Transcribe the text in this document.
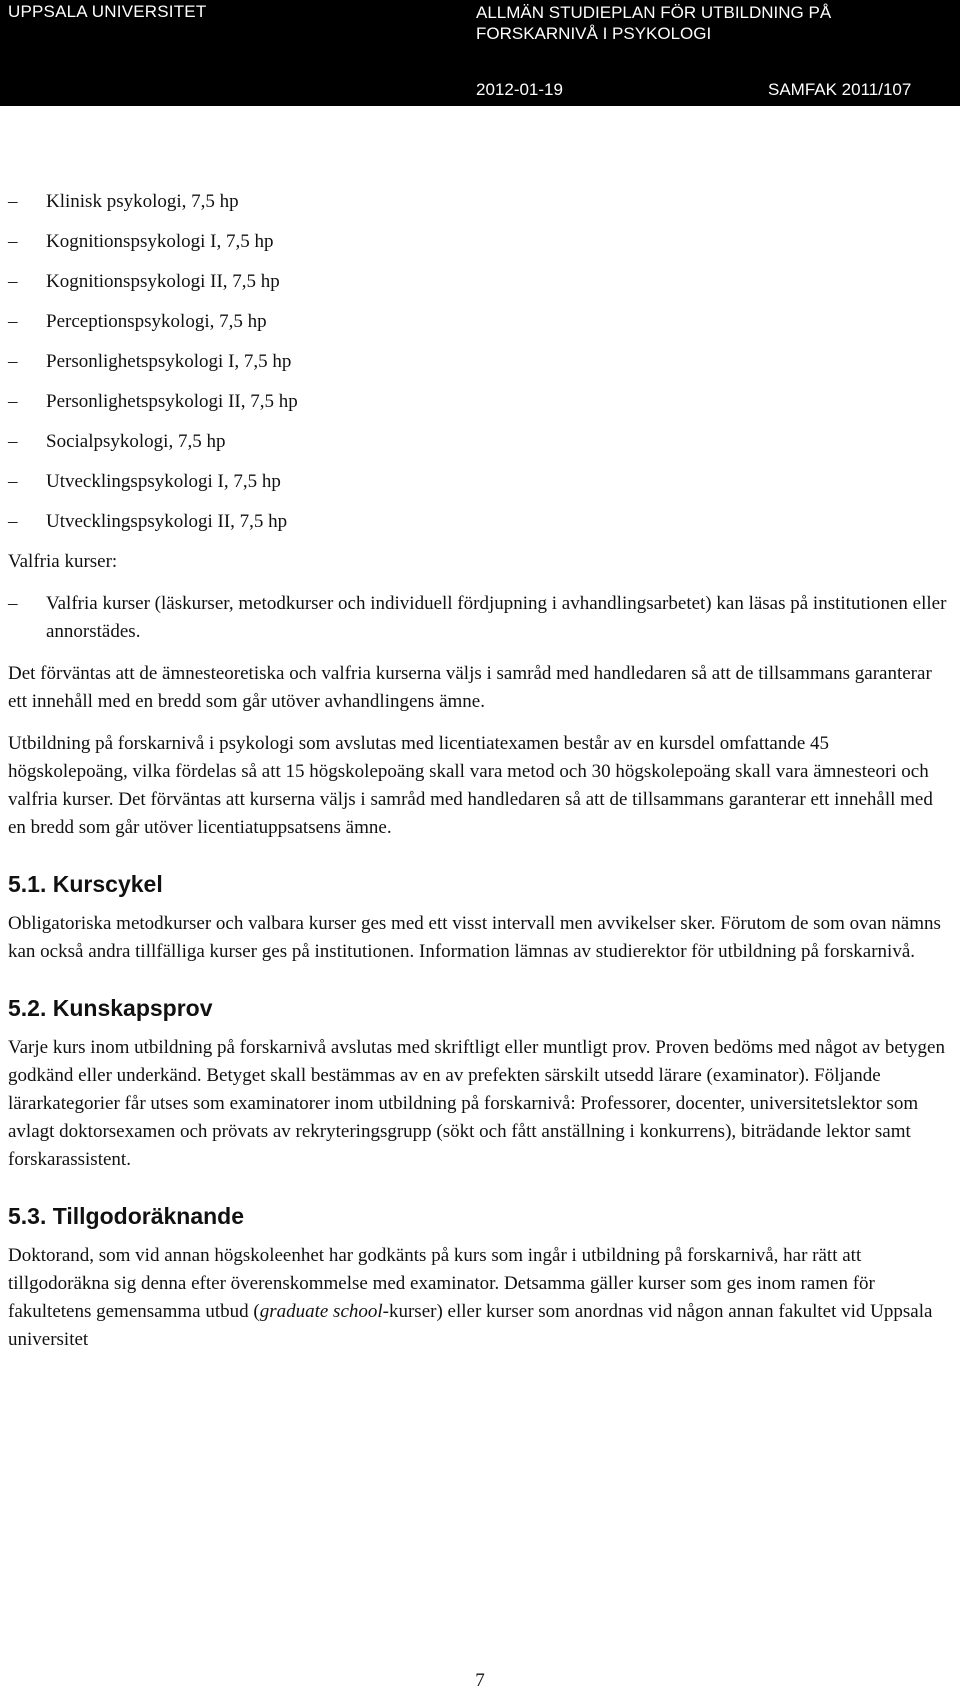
UPPSALA UNIVERSITET	ALLMÄN STUDIEPLAN FÖR UTBILDNING PÅ
FORSKARNIVÅ I PSYKOLOGI
2012-01-19	SAMFAK 2011/107
– Klinisk psykologi, 7,5 hp
– Kognitionspsykologi I, 7,5 hp
– Kognitionspsykologi II, 7,5 hp
– Perceptionspsykologi, 7,5 hp
– Personlighetspsykologi I, 7,5 hp
– Personlighetspsykologi II, 7,5 hp
– Socialpsykologi, 7,5 hp
– Utvecklingspsykologi I, 7,5 hp
– Utvecklingspsykologi II, 7,5 hp
Valfria kurser:
– Valfria kurser (läskurser, metodkurser och individuell fördjupning i avhandlingsarbetet) kan läsas på institutionen eller annorstädes.

Det förväntas att de ämnesteoretiska och valfria kurserna väljs i samråd med handledaren så att de tillsammans garanterar ett innehåll med en bredd som går utöver avhandlingens ämne.

Utbildning på forskarnivå i psykologi som avslutas med licentiatexamen består av en kursdel omfattande 45 högskolepoäng, vilka fördelas så att 15 högskolepoäng skall vara metod och 30 högskolepoäng skall vara ämnesteori och valfria kurser. Det förväntas att kurserna väljs i samråd med handledaren så att de tillsammans garanterar ett innehåll med en bredd som går utöver licentiatuppsatsens ämne.

5.1. Kurscykel

Obligatoriska metodkurser och valbara kurser ges med ett visst intervall men avvikelser sker. Förutom de som ovan nämns kan också andra tillfälliga kurser ges på institutionen. Information lämnas av studierektor för utbildning på forskarnivå.

5.2. Kunskapsprov

Varje kurs inom utbildning på forskarnivå avslutas med skriftligt eller muntligt prov. Proven bedöms med något av betygen godkänd eller underkänd. Betyget skall bestämmas av en av prefekten särskilt utsedd lärare (examinator). Följande lärarkategorier får utses som examinatorer inom utbildning på forskarnivå: Professorer, docenter, universitetslektor som avlagt doktorsexamen och prövats av rekryteringsgrupp (sökt och fått anställning i konkurrens), biträdande lektor samt forskarassistent.

5.3. Tillgodoräknande

Doktorand, som vid annan högskoleenhet har godkänts på kurs som ingår i utbildning på forskarnivå, har rätt att tillgodoräkna sig denna efter överenskommelse med examinator. Detsamma gäller kurser som ges inom ramen för fakultetens gemensamma utbud (graduate school-kurser) eller kurser som anordnas vid någon annan fakultet vid Uppsala universitet

7
